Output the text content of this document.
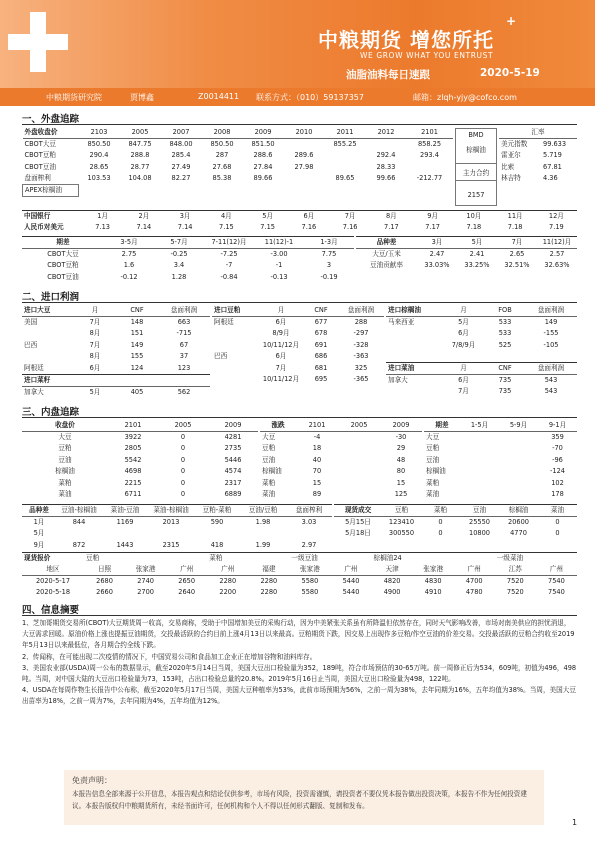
中粮期货 增您所托
+
WE GROW WHAT YOU ENTRUST
油脂油料每日速跟	2020-5-19
中粮期货研究院	贾博鑫	Z0014411 联系方式：（010）59137357	邮箱：zlqh-yjy@cofco.com
一、外盘追踪
外盘收盘价	2103	2005	2007	2008	2009	2010	2011	2012	2101
CBOT大豆	850.50	847.75	848.00	850.50	851.50		855.25		858.25
CBOT豆粕	290.4	288.8	285.4	287	288.6	289.6		292.4	293.4
CBOT豆油	28.65	28.77	27.49	27.68	27.84	27.98		28.33	
盘面榨利	103.53	104.08	82.27	85.38	89.66		89.65	99.66	-212.77
APEX棕榈油									
BMD
棕榈油
主力合约
2157
汇率	
美元指数	99.633
雷亚尔	5.719
比索	67.81
林吉特	4.36
中国银行	1月	2月	3月	4月	5月	6月	7月	8月	9月	10月	11月	12月
人民币对美元	7.13	7.14	7.14	7.15	7.15	7.16	7.16	7.17	7.17	7.18	7.18	7.19
期差	3-5月	5-7月	7-11(12)月	11(12)-1	1-3月
CBOT大豆	2.75	-0.25	-7.25	-3.00	7.75
CBOT豆粕	1.6	3.4	-7	-1	3
CBOT豆油	-0.12	1.28	-0.84	-0.13	-0.19
品种差	3月	5月	7月	11(12)月
大豆/玉米	2.47	2.41	2.65	2.57
豆油贡献率	33.03%	33.25%	32.51%	32.63%
二、进口利润
进口大豆	月	CNF	盘面利润
美国	7月	148	663
	8月	151	-715
巴西	7月	149	67
	8月	155	37
阿根廷	6月	124	123
进口菜籽			
加拿大	5月	405	562
进口豆粕	月	CNF	盘面利润
阿根廷	6月	677	288
	8/9月	678	-297
	10/11/12月	691	-328
巴西	6月	686	-363
	7月	681	325
	10/11/12月	695	-365
进口棕榈油	月	FOB	盘面利润
马来西亚	5月	533	149
	6月	533	-155
	7/8/9月	525	-105

进口菜油	月	CNF	盘面利润
加拿大	6月	735	543
	7月	735	543
三、内盘追踪
收盘价	2101	2005	2009
大豆	3922	0	4281
豆粕	2805	0	2735
豆油	5542	0	5446
棕榈油	4698	0	4574
菜粕	2215	0	2317
菜油	6711	0	6889
涨跌	2101	2005	2009
大豆	-4		-30
豆粕	18		29
豆油	40		48
棕榈油	70		80
菜粕	15		15
菜油	89		125
期差	1-5月	5-9月	9-1月
大豆			359
豆粕			-70
豆油			-96
棕榈油			-124
菜粕			102
菜油			178
品种差	豆油-棕榈油	菜油-豆油	菜油-棕榈油	豆粕-菜粕	豆油/豆粕	盘面榨利
1月	844	1169	2013	590	1.98	3.03
5月						
9月	872	1443	2315	418	1.99	2.97
现货成交	豆粕	菜粕	豆油	棕榈油	菜油
5月15日	123410	0	25550	20600	0
5月18日	300550	0	10800	4770	0
现货报价	豆粕			菜粕		一级豆油		棕榈油24			一级菜油	
地区	日照	张家港	广州	广州	福建	张家港	广州	天津	张家港	广州	江苏	广州
2020-5-17	2680	2740	2650	2280	2280	5580	5440	4820	4830	4700	7520	7540
2020-5-18	2660	2700	2640	2200	2280	5580	5440	4900	4910	4780	7520	7540
四、信息摘要

1、芝加哥期货交易所(CBOT)大豆期货周一收高，交易商称，受助于中国增加美豆的采购行动，因为中美紧张关系虽有所降温但依然存在，同时天气影响改善，市场对南美供应的担忧消退，大豆需求回暖。原油价格上涨也提振豆油期货，交投最活跃的合约目前上涨4月13日以来最高。豆粕期货下跌，因交易上出现作多豆粕/作空豆油的价差交易。交投最活跃的豆粕合约收至2019年5月13日以来最低位，各月期合约全线下跌。

2、传闻称，在可能出现二次疫情的情况下，中国贸易公司和食品加工企业正在增加谷物和油料库存。

3、美国农业部(USDA)周一公布的数据显示，截至2020年5月14日当周，美国大豆出口检验量为352，189吨，符合市场预估的30-65万吨。前一周修正后为534，609吨，初值为496，498吨。当周，对中国大陆的大豆出口检验量为73，153吨，占出口检验总量的20.8%。2019年5月16日止当周，美国大豆出口检验量为498，122吨。

4、USDA在每周作物生长报告中公布称，截至2020年5月17日当周，美国大豆种植率为53%，此前市场预期为56%，之前一周为38%，去年同期为16%，五年均值为38%。当周，美国大豆出苗率为18%，之前一周为7%，去年同期为4%，五年均值为12%。

免责声明：
本报告信息全部来源于公开信息，本报告观点和结论仅供参考，市场有风险，投资需谨慎，请投资者不要仅凭本报告做出投资决策，本报告不作为任何投资建议。本报告版权归中粮期货所有，未经书面许可，任何机构和个人不得以任何形式翻版、复制和发布。
1
